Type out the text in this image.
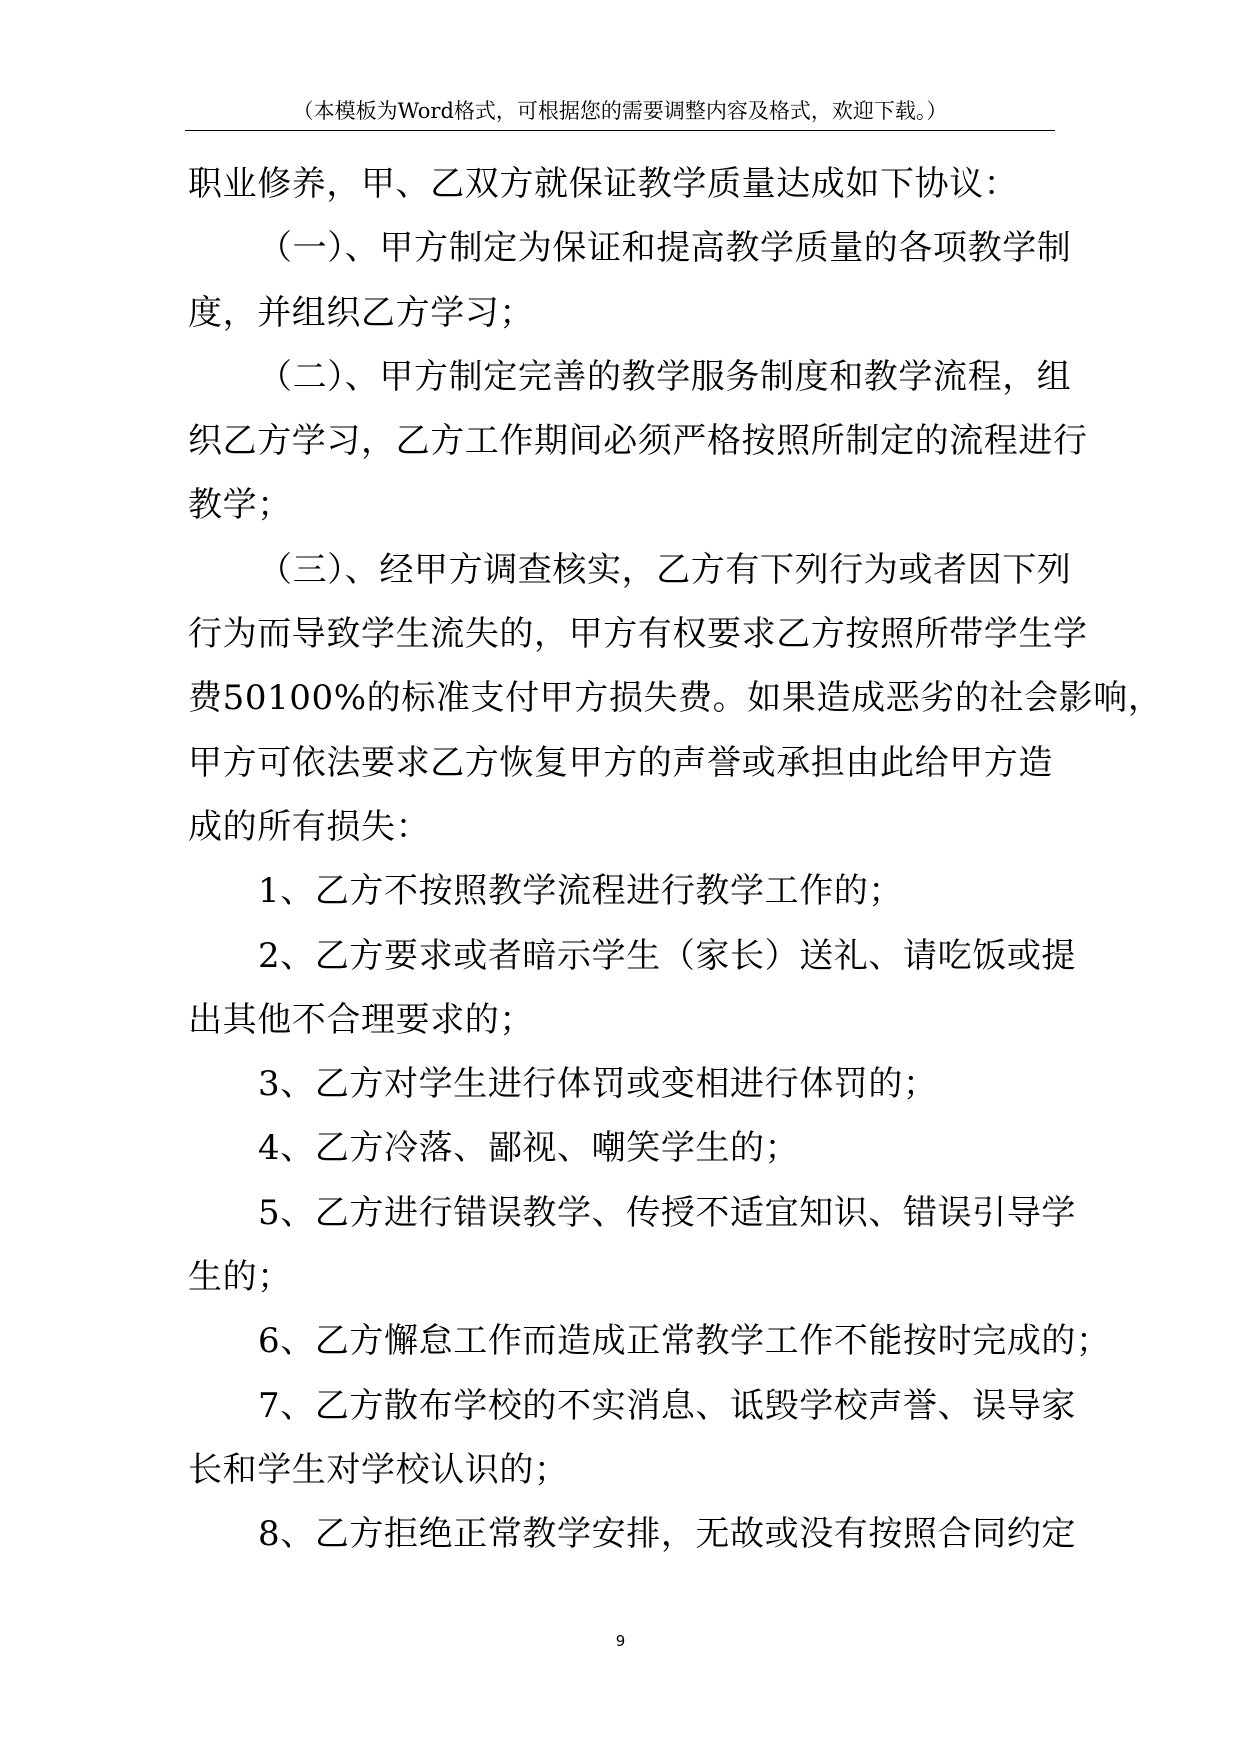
（本模板为Word格式，可根据您的需要调整内容及格式，欢迎下载。）
职业修养，甲、乙双方就保证教学质量达成如下协议：
（一）、甲方制定为保证和提高教学质量的各项教学制
度，并组织乙方学习；
（二）、甲方制定完善的教学服务制度和教学流程，组
织乙方学习，乙方工作期间必须严格按照所制定的流程进行
教学；
（三）、经甲方调查核实，乙方有下列行为或者因下列
行为而导致学生流失的，甲方有权要求乙方按照所带学生学
费50100%的标准支付甲方损失费。如果造成恶劣的社会影响，
甲方可依法要求乙方恢复甲方的声誉或承担由此给甲方造
成的所有损失：
1、乙方不按照教学流程进行教学工作的；
2、乙方要求或者暗示学生（家长）送礼、请吃饭或提
出其他不合理要求的；
3、乙方对学生进行体罚或变相进行体罚的；
4、乙方冷落、鄙视、嘲笑学生的；
5、乙方进行错误教学、传授不适宜知识、错误引导学
生的；
6、乙方懈怠工作而造成正常教学工作不能按时完成的；
7、乙方散布学校的不实消息、诋毁学校声誉、误导家
长和学生对学校认识的；
8、乙方拒绝正常教学安排，无故或没有按照合同约定
9
